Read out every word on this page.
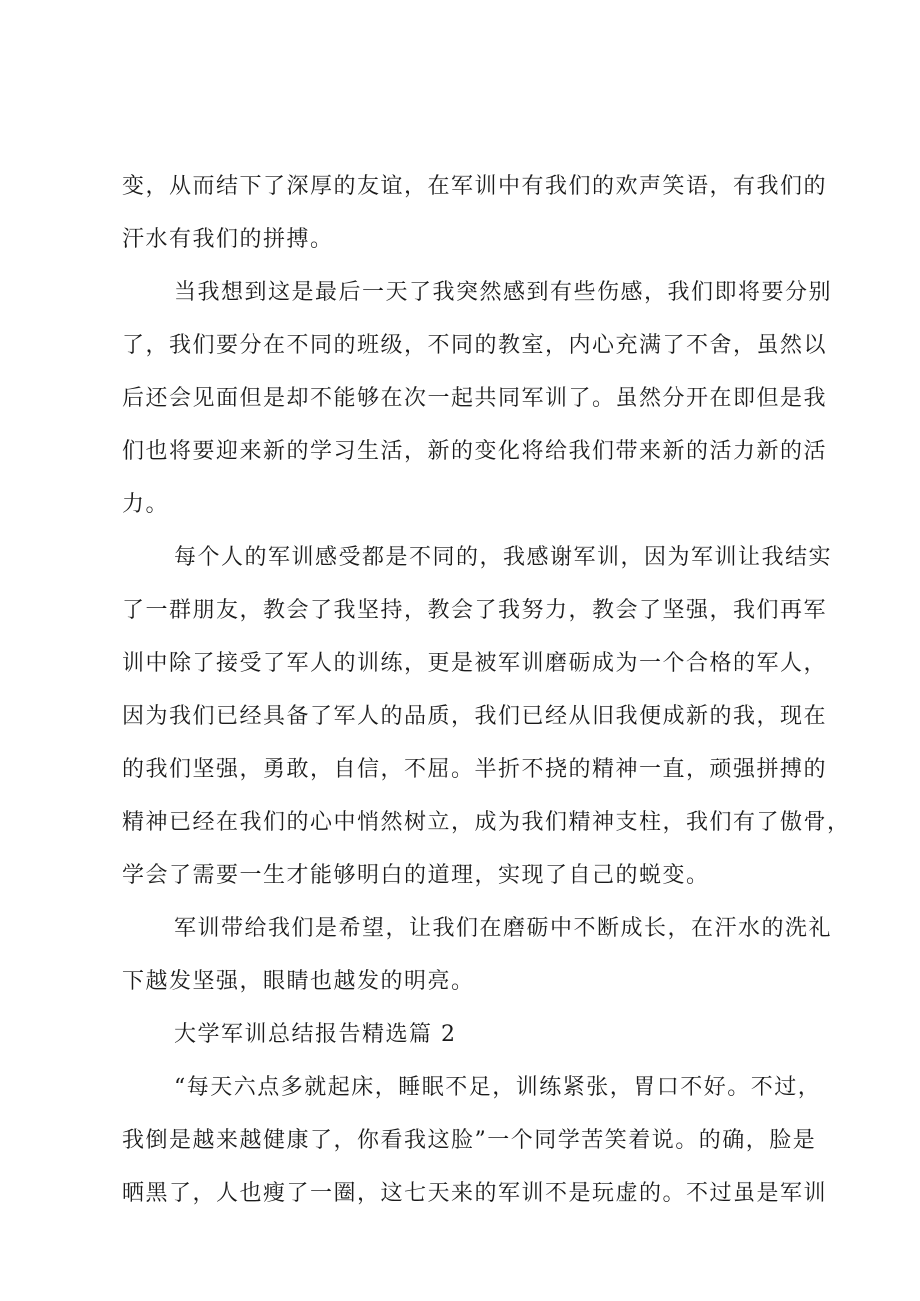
变，从而结下了深厚的友谊，在军训中有我们的欢声笑语，有我们的
汗水有我们的拼搏。
当我想到这是最后一天了我突然感到有些伤感，我们即将要分别
了，我们要分在不同的班级，不同的教室，内心充满了不舍，虽然以
后还会见面但是却不能够在次一起共同军训了。虽然分开在即但是我
们也将要迎来新的学习生活，新的变化将给我们带来新的活力新的活
力。
每个人的军训感受都是不同的，我感谢军训，因为军训让我结实
了一群朋友，教会了我坚持，教会了我努力，教会了坚强，我们再军
训中除了接受了军人的训练，更是被军训磨砺成为一个合格的军人，
因为我们已经具备了军人的品质，我们已经从旧我便成新的我，现在
的我们坚强，勇敢，自信，不屈。半折不挠的精神一直，顽强拼搏的
精神已经在我们的心中悄然树立，成为我们精神支柱，我们有了傲骨，
学会了需要一生才能够明白的道理，实现了自己的蜕变。
军训带给我们是希望，让我们在磨砺中不断成长，在汗水的洗礼
下越发坚强，眼睛也越发的明亮。
大学军训总结报告精选篇 2
“每天六点多就起床，睡眠不足，训练紧张，胃口不好。不过，
我倒是越来越健康了，你看我这脸”一个同学苦笑着说。的确，脸是
晒黑了，人也瘦了一圈，这七天来的军训不是玩虚的。不过虽是军训
